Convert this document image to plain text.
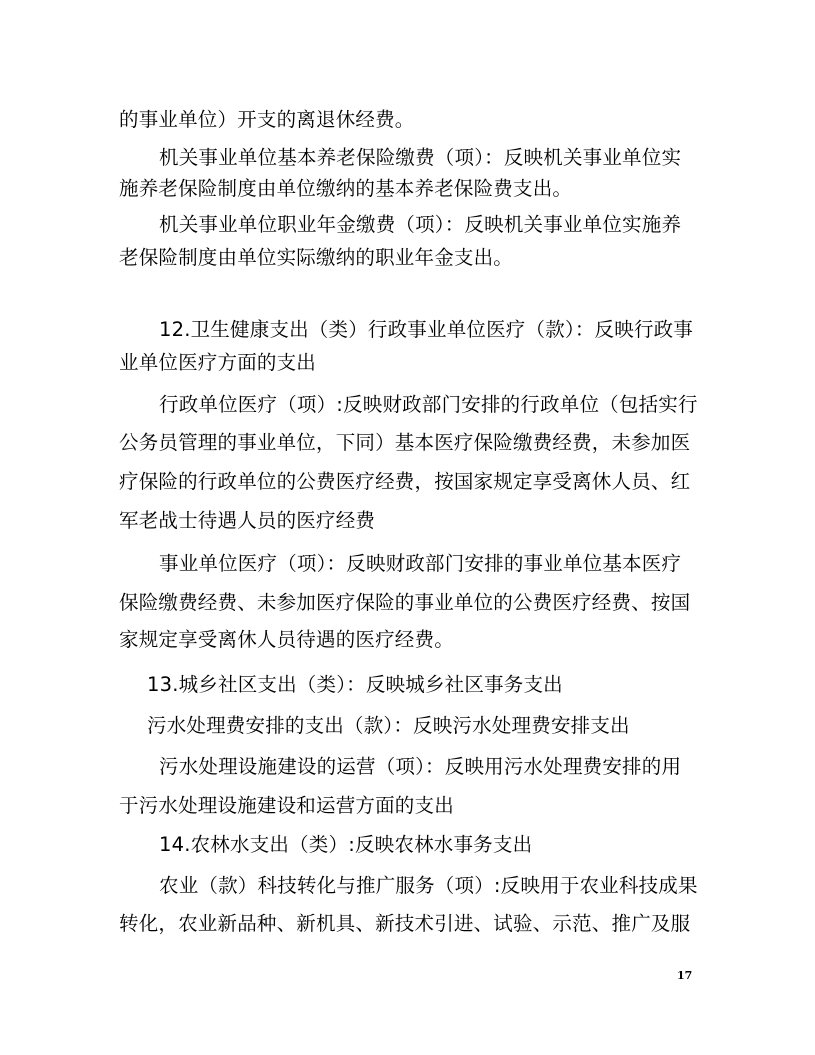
的事业单位）开支的离退休经费。

机关事业单位基本养老保险缴费（项）：反映机关事业单位实

施养老保险制度由单位缴纳的基本养老保险费支出。

机关事业单位职业年金缴费（项）：反映机关事业单位实施养

老保险制度由单位实际缴纳的职业年金支出。

12.卫生健康支出（类）行政事业单位医疗（款）：反映行政事

业单位医疗方面的支出

行政单位医疗（项）:反映财政部门安排的行政单位（包括实行

公务员管理的事业单位，下同）基本医疗保险缴费经费，未参加医

疗保险的行政单位的公费医疗经费，按国家规定享受离休人员、红

军老战士待遇人员的医疗经费

事业单位医疗（项）：反映财政部门安排的事业单位基本医疗

保险缴费经费、未参加医疗保险的事业单位的公费医疗经费、按国

家规定享受离休人员待遇的医疗经费。

13.城乡社区支出（类）：反映城乡社区事务支出

污水处理费安排的支出（款）：反映污水处理费安排支出

污水处理设施建设的运营（项）：反映用污水处理费安排的用

于污水处理设施建设和运营方面的支出

14.农林水支出（类）:反映农林水事务支出

农业（款）科技转化与推广服务（项）:反映用于农业科技成果

转化，农业新品种、新机具、新技术引进、试验、示范、推广及服

17
